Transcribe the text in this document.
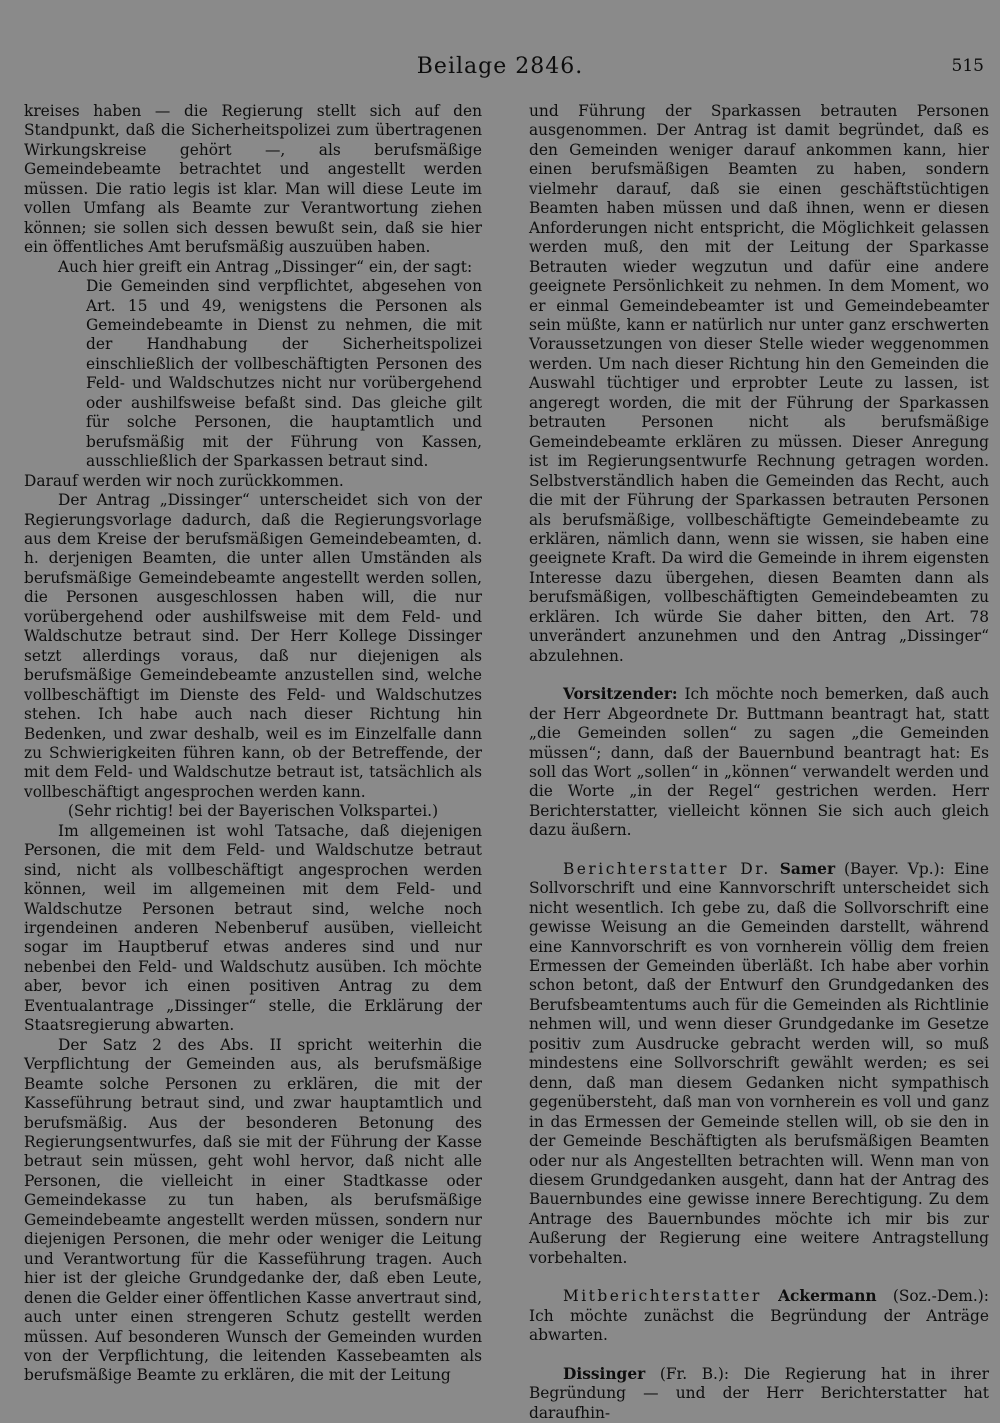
Beilage 2846.	515

kreises haben — die Regierung stellt sich auf den Standpunkt, daß die Sicherheitspolizei zum übertragenen Wirkungskreise gehört —, als berufsmäßige Gemeindebeamte betrachtet und angestellt werden müssen. Die ratio legis ist klar. Man will diese Leute im vollen Umfang als Beamte zur Verantwortung ziehen können; sie sollen sich dessen bewußt sein, daß sie hier ein öffentliches Amt berufsmäßig auszuüben haben.

Auch hier greift ein Antrag „Dissinger“ ein, der sagt:

Die Gemeinden sind verpflichtet, abgesehen von Art. 15 und 49, wenigstens die Personen als Gemeindebeamte in Dienst zu nehmen, die mit der Handhabung der Sicherheitspolizei einschließlich der vollbeschäftigten Personen des Feld- und Waldschutzes nicht nur vorübergehend oder aushilfsweise befaßt sind. Das gleiche gilt für solche Personen, die hauptamtlich und berufsmäßig mit der Führung von Kassen, ausschließlich der Sparkassen betraut sind.

Darauf werden wir noch zurückkommen.

Der Antrag „Dissinger“ unterscheidet sich von der Regierungsvorlage dadurch, daß die Regierungsvorlage aus dem Kreise der berufsmäßigen Gemeindebeamten, d. h. derjenigen Beamten, die unter allen Umständen als berufsmäßige Gemeindebeamte angestellt werden sollen, die Personen ausgeschlossen haben will, die nur vorübergehend oder aushilfsweise mit dem Feld- und Waldschutze betraut sind. Der Herr Kollege Dissinger setzt allerdings voraus, daß nur diejenigen als berufsmäßige Gemeindebeamte anzustellen sind, welche vollbeschäftigt im Dienste des Feld- und Waldschutzes stehen. Ich habe auch nach dieser Richtung hin Bedenken, und zwar deshalb, weil es im Einzelfalle dann zu Schwierigkeiten führen kann, ob der Betreffende, der mit dem Feld- und Waldschutze betraut ist, tatsächlich als vollbeschäftigt angesprochen werden kann.

(Sehr richtig! bei der Bayerischen Volkspartei.)

Im allgemeinen ist wohl Tatsache, daß diejenigen Personen, die mit dem Feld- und Waldschutze betraut sind, nicht als vollbeschäftigt angesprochen werden können, weil im allgemeinen mit dem Feld- und Waldschutze Personen betraut sind, welche noch irgendeinen anderen Nebenberuf ausüben, vielleicht sogar im Hauptberuf etwas anderes sind und nur nebenbei den Feld- und Waldschutz ausüben. Ich möchte aber, bevor ich einen positiven Antrag zu dem Eventualantrage „Dissinger“ stelle, die Erklärung der Staatsregierung abwarten.

Der Satz 2 des Abs. II spricht weiterhin die Verpflichtung der Gemeinden aus, als berufsmäßige Beamte solche Personen zu erklären, die mit der Kasseführung betraut sind, und zwar hauptamtlich und berufsmäßig. Aus der besonderen Betonung des Regierungsentwurfes, daß sie mit der Führung der Kasse betraut sein müssen, geht wohl hervor, daß nicht alle Personen, die vielleicht in einer Stadtkasse oder Gemeindekasse zu tun haben, als berufsmäßige Gemeindebeamte angestellt werden müssen, sondern nur diejenigen Personen, die mehr oder weniger die Leitung und Verantwortung für die Kasseführung tragen. Auch hier ist der gleiche Grundgedanke der, daß eben Leute, denen die Gelder einer öffentlichen Kasse anvertraut sind, auch unter einen strengeren Schutz gestellt werden müssen. Auf besonderen Wunsch der Gemeinden wurden von der Verpflichtung, die leitenden Kassebeamten als berufsmäßige Beamte zu erklären, die mit der Leitung

und Führung der Sparkassen betrauten Personen ausgenommen. Der Antrag ist damit begründet, daß es den Gemeinden weniger darauf ankommen kann, hier einen berufsmäßigen Beamten zu haben, sondern vielmehr darauf, daß sie einen geschäftstüchtigen Beamten haben müssen und daß ihnen, wenn er diesen Anforderungen nicht entspricht, die Möglichkeit gelassen werden muß, den mit der Leitung der Sparkasse Betrauten wieder wegzutun und dafür eine andere geeignete Persönlichkeit zu nehmen. In dem Moment, wo er einmal Gemeindebeamter ist und Gemeindebeamter sein müßte, kann er natürlich nur unter ganz erschwerten Voraussetzungen von dieser Stelle wieder weggenommen werden. Um nach dieser Richtung hin den Gemeinden die Auswahl tüchtiger und erprobter Leute zu lassen, ist angeregt worden, die mit der Führung der Sparkassen betrauten Personen nicht als berufsmäßige Gemeindebeamte erklären zu müssen. Dieser Anregung ist im Regierungsentwurfe Rechnung getragen worden. Selbstverständlich haben die Gemeinden das Recht, auch die mit der Führung der Sparkassen betrauten Personen als berufsmäßige, vollbeschäftigte Gemeindebeamte zu erklären, nämlich dann, wenn sie wissen, sie haben eine geeignete Kraft. Da wird die Gemeinde in ihrem eigensten Interesse dazu übergehen, diesen Beamten dann als berufsmäßigen, vollbeschäftigten Gemeindebeamten zu erklären. Ich würde Sie daher bitten, den Art. 78 unverändert anzunehmen und den Antrag „Dissinger“ abzulehnen.

Vorsitzender: Ich möchte noch bemerken, daß auch der Herr Abgeordnete Dr. Buttmann beantragt hat, statt „die Gemeinden sollen“ zu sagen „die Gemeinden müssen“; dann, daß der Bauernbund beantragt hat: Es soll das Wort „sollen“ in „können“ verwandelt werden und die Worte „in der Regel“ gestrichen werden. Herr Berichterstatter, vielleicht können Sie sich auch gleich dazu äußern.

Berichterstatter Dr. Samer (Bayer. Vp.): Eine Sollvorschrift und eine Kannvorschrift unterscheidet sich nicht wesentlich. Ich gebe zu, daß die Sollvorschrift eine gewisse Weisung an die Gemeinden darstellt, während eine Kannvorschrift es von vornherein völlig dem freien Ermessen der Gemeinden überläßt. Ich habe aber vorhin schon betont, daß der Entwurf den Grundgedanken des Berufsbeamtentums auch für die Gemeinden als Richtlinie nehmen will, und wenn dieser Grundgedanke im Gesetze positiv zum Ausdrucke gebracht werden will, so muß mindestens eine Sollvorschrift gewählt werden; es sei denn, daß man diesem Gedanken nicht sympathisch gegenübersteht, daß man von vornherein es voll und ganz in das Ermessen der Gemeinde stellen will, ob sie den in der Gemeinde Beschäftigten als berufsmäßigen Beamten oder nur als Angestellten betrachten will. Wenn man von diesem Grundgedanken ausgeht, dann hat der Antrag des Bauernbundes eine gewisse innere Berechtigung. Zu dem Antrage des Bauernbundes möchte ich mir bis zur Außerung der Regierung eine weitere Antragstellung vorbehalten.

Mitberichterstatter Ackermann (Soz.-Dem.): Ich möchte zunächst die Begründung der Anträge abwarten.

Dissinger (Fr. B.): Die Regierung hat in ihrer Begründung — und der Herr Berichterstatter hat daraufhin-
